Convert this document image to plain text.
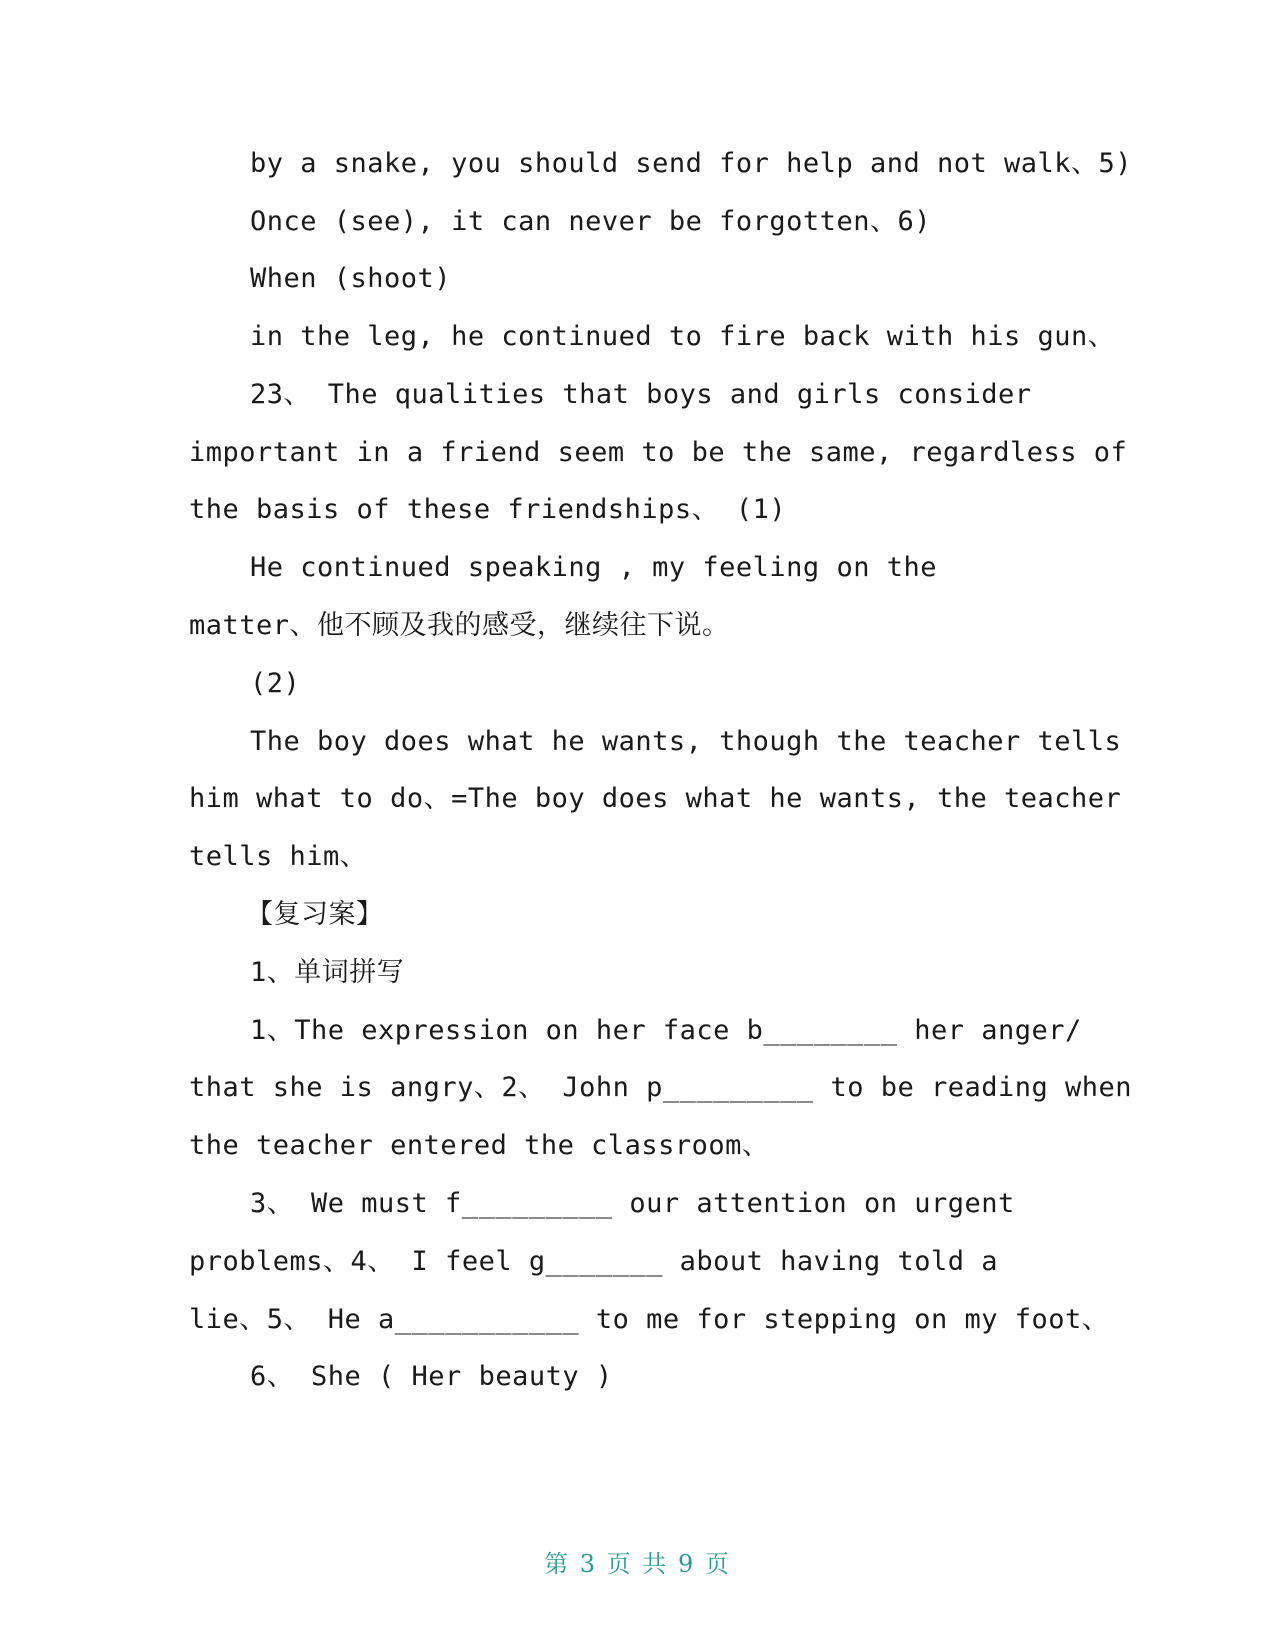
by a snake, you should send for help and not walk、5)
Once (see), it can never be forgotten、6)
When (shoot)
in the leg, he continued to fire back with his gun、
23、 The qualities that boys and girls consider
important in a friend seem to be the same, regardless of
the basis of these friendships、 (1)
He continued speaking , my feeling on the
matter、他不顾及我的感受，继续往下说。
(2)
The boy does what he wants, though the teacher tells
him what to do、=The boy does what he wants, the teacher
tells him、
【复习案】
1、单词拼写
1、The expression on her face b________ her anger/
that she is angry、2、 John p_________ to be reading when
the teacher entered the classroom、
3、 We must f_________ our attention on urgent
problems、4、 I feel g_______ about having told a
lie、5、 He a___________ to me for stepping on my foot、
6、 She ( Her beauty )
第 3 页 共 9 页
